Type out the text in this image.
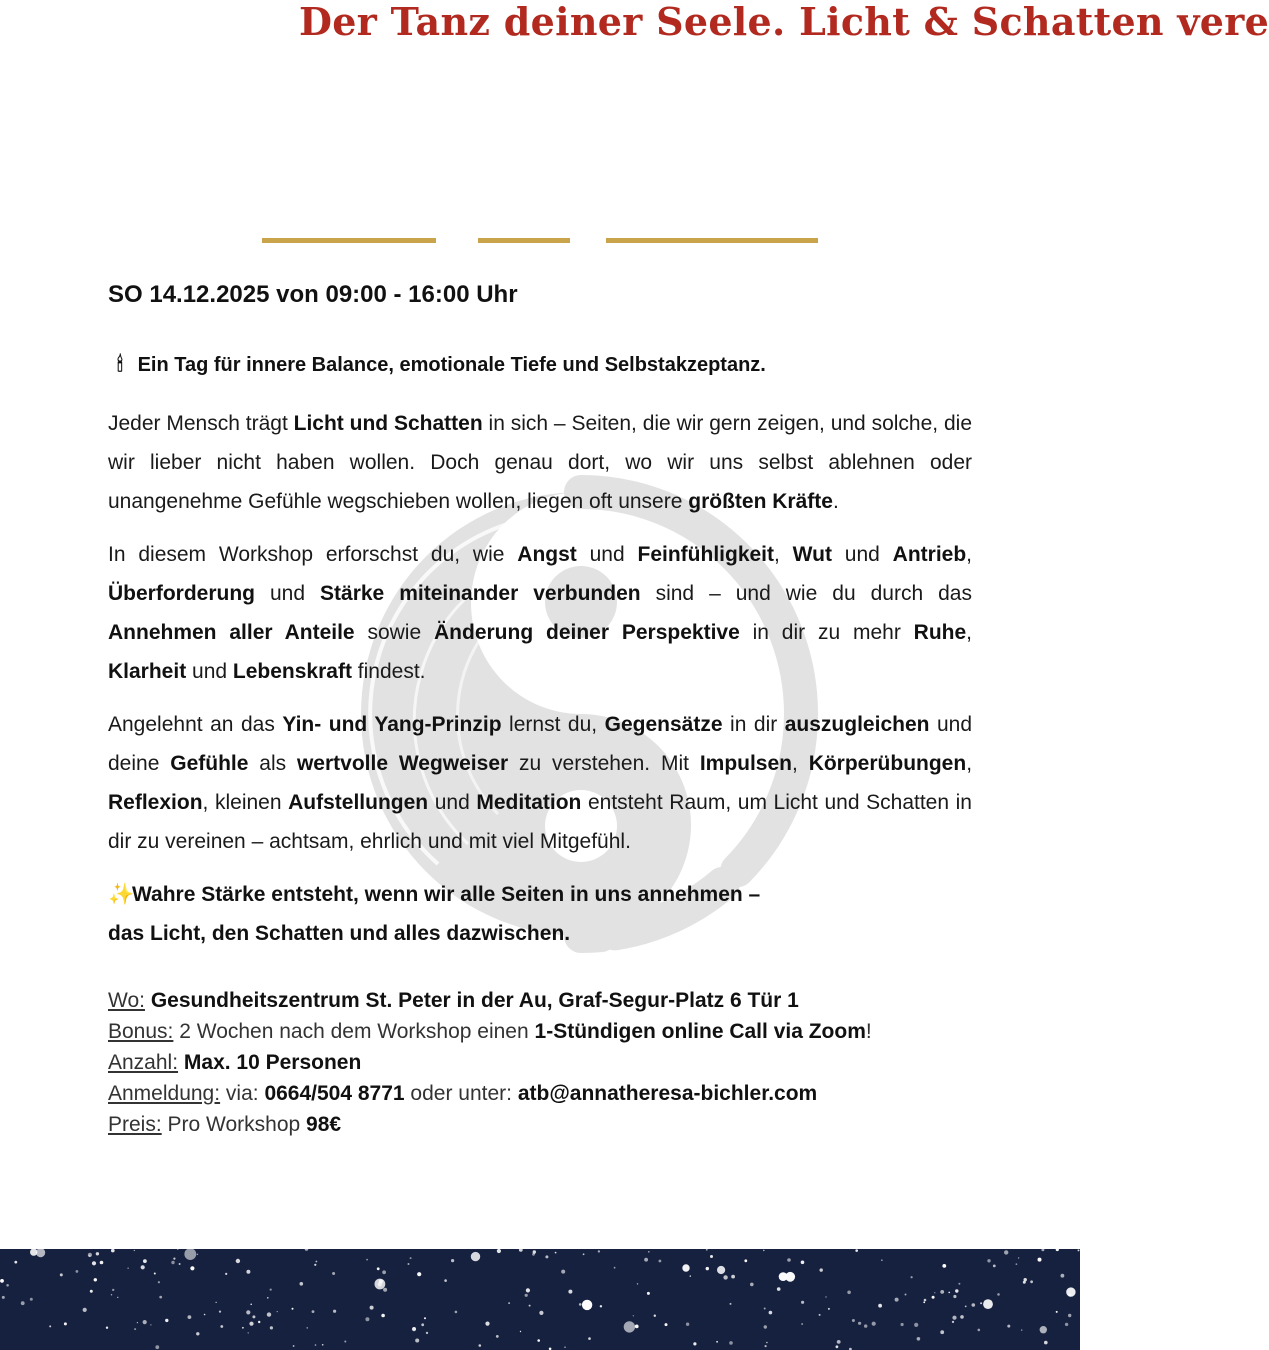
Der Tanz deiner Seele. Licht & Schatten vere
SO 14.12.2025 von 09:00 - 16:00 Uhr
🕯 Ein Tag für innere Balance, emotionale Tiefe und Selbstakzeptanz.

Jeder Mensch trägt Licht und Schatten in sich – Seiten, die wir gern zeigen, und solche, die wir lieber nicht haben wollen. Doch genau dort, wo wir uns selbst ablehnen oder unangenehme Gefühle wegschieben wollen, liegen oft unsere größten Kräfte.

In diesem Workshop erforschst du, wie Angst und Feinfühligkeit, Wut und Antrieb, Überforderung und Stärke miteinander verbunden sind – und wie du durch das Annehmen aller Anteile sowie Änderung deiner Perspektive in dir zu mehr Ruhe, Klarheit und Lebenskraft findest.

Angelehnt an das Yin- und Yang-Prinzip lernst du, Gegensätze in dir auszugleichen und deine Gefühle als wertvolle Wegweiser zu verstehen. Mit Impulsen, Körperübungen, Reflexion, kleinen Aufstellungen und Meditation entsteht Raum, um Licht und Schatten in dir zu vereinen – achtsam, ehrlich und mit viel Mitgefühl.

✨Wahre Stärke entsteht, wenn wir alle Seiten in uns annehmen –
das Licht, den Schatten und alles dazwischen.
Wo: Gesundheitszentrum St. Peter in der Au, Graf-Segur-Platz 6 Tür 1
Bonus: 2 Wochen nach dem Workshop einen 1-Stündigen online Call via Zoom!
Anzahl: Max. 10 Personen
Anmeldung: via: 0664/504 8771 oder unter: atb@annatheresa-bichler.com
Preis: Pro Workshop 98€
